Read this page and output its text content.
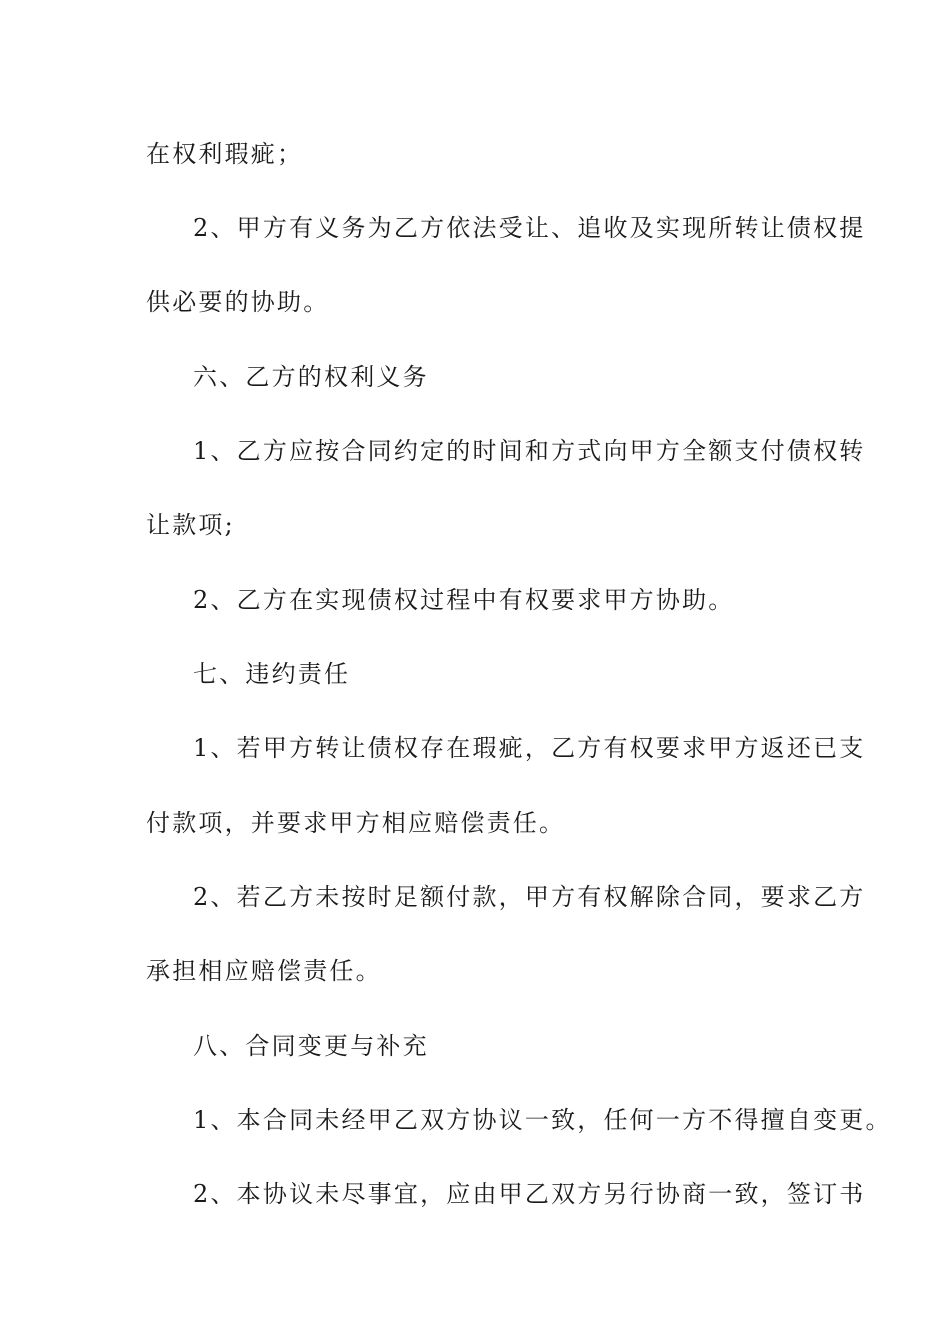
在权利瑕疵；
2、甲方有义务为乙方依法受让、追收及实现所转让债权提
供必要的协助。
六、乙方的权利义务
1、乙方应按合同约定的时间和方式向甲方全额支付债权转
让款项;
2、乙方在实现债权过程中有权要求甲方协助。
七、违约责任
1、若甲方转让债权存在瑕疵，乙方有权要求甲方返还已支
付款项，并要求甲方相应赔偿责任。
2、若乙方未按时足额付款，甲方有权解除合同，要求乙方
承担相应赔偿责任。
八、合同变更与补充
1、本合同未经甲乙双方协议一致，任何一方不得擅自变更。
2、本协议未尽事宜，应由甲乙双方另行协商一致，签订书
